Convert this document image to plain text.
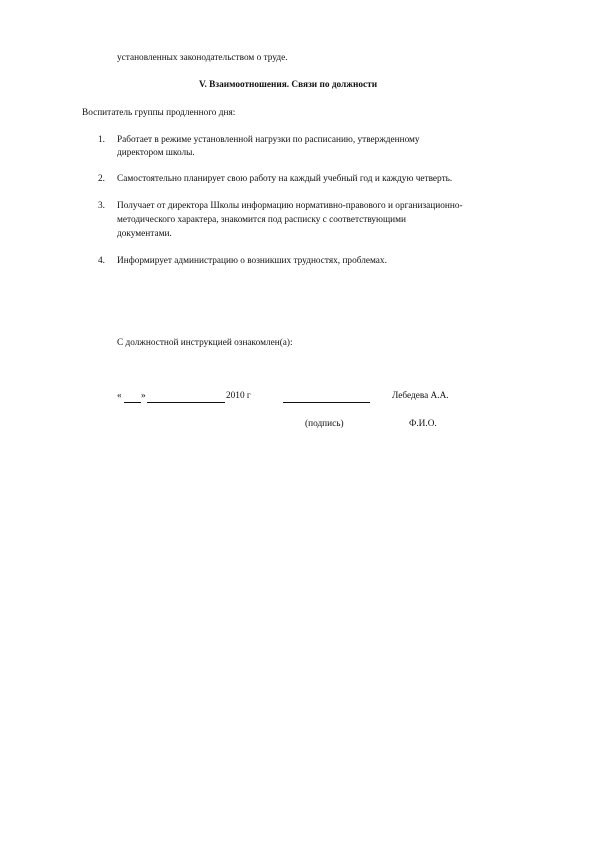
установленных законодательством о труде.
V. Взаимоотношения. Связи по должности
Воспитатель группы продленного дня:
1. Работает в режиме установленной нагрузки по расписанию, утвержденному
директором школы.
2. Самостоятельно планирует свою работу на каждый учебный год и каждую четверть.
3. Получает от директора Школы информацию нормативно-правового и организационно-
методического характера, знакомится под расписку с соответствующими
документами.
4. Информирует администрацию о возникших трудностях, проблемах.
С должностной инструкцией ознакомлен(а):
« »	2010 г	Лебедева А.А.
(подпись)	Ф.И.О.
